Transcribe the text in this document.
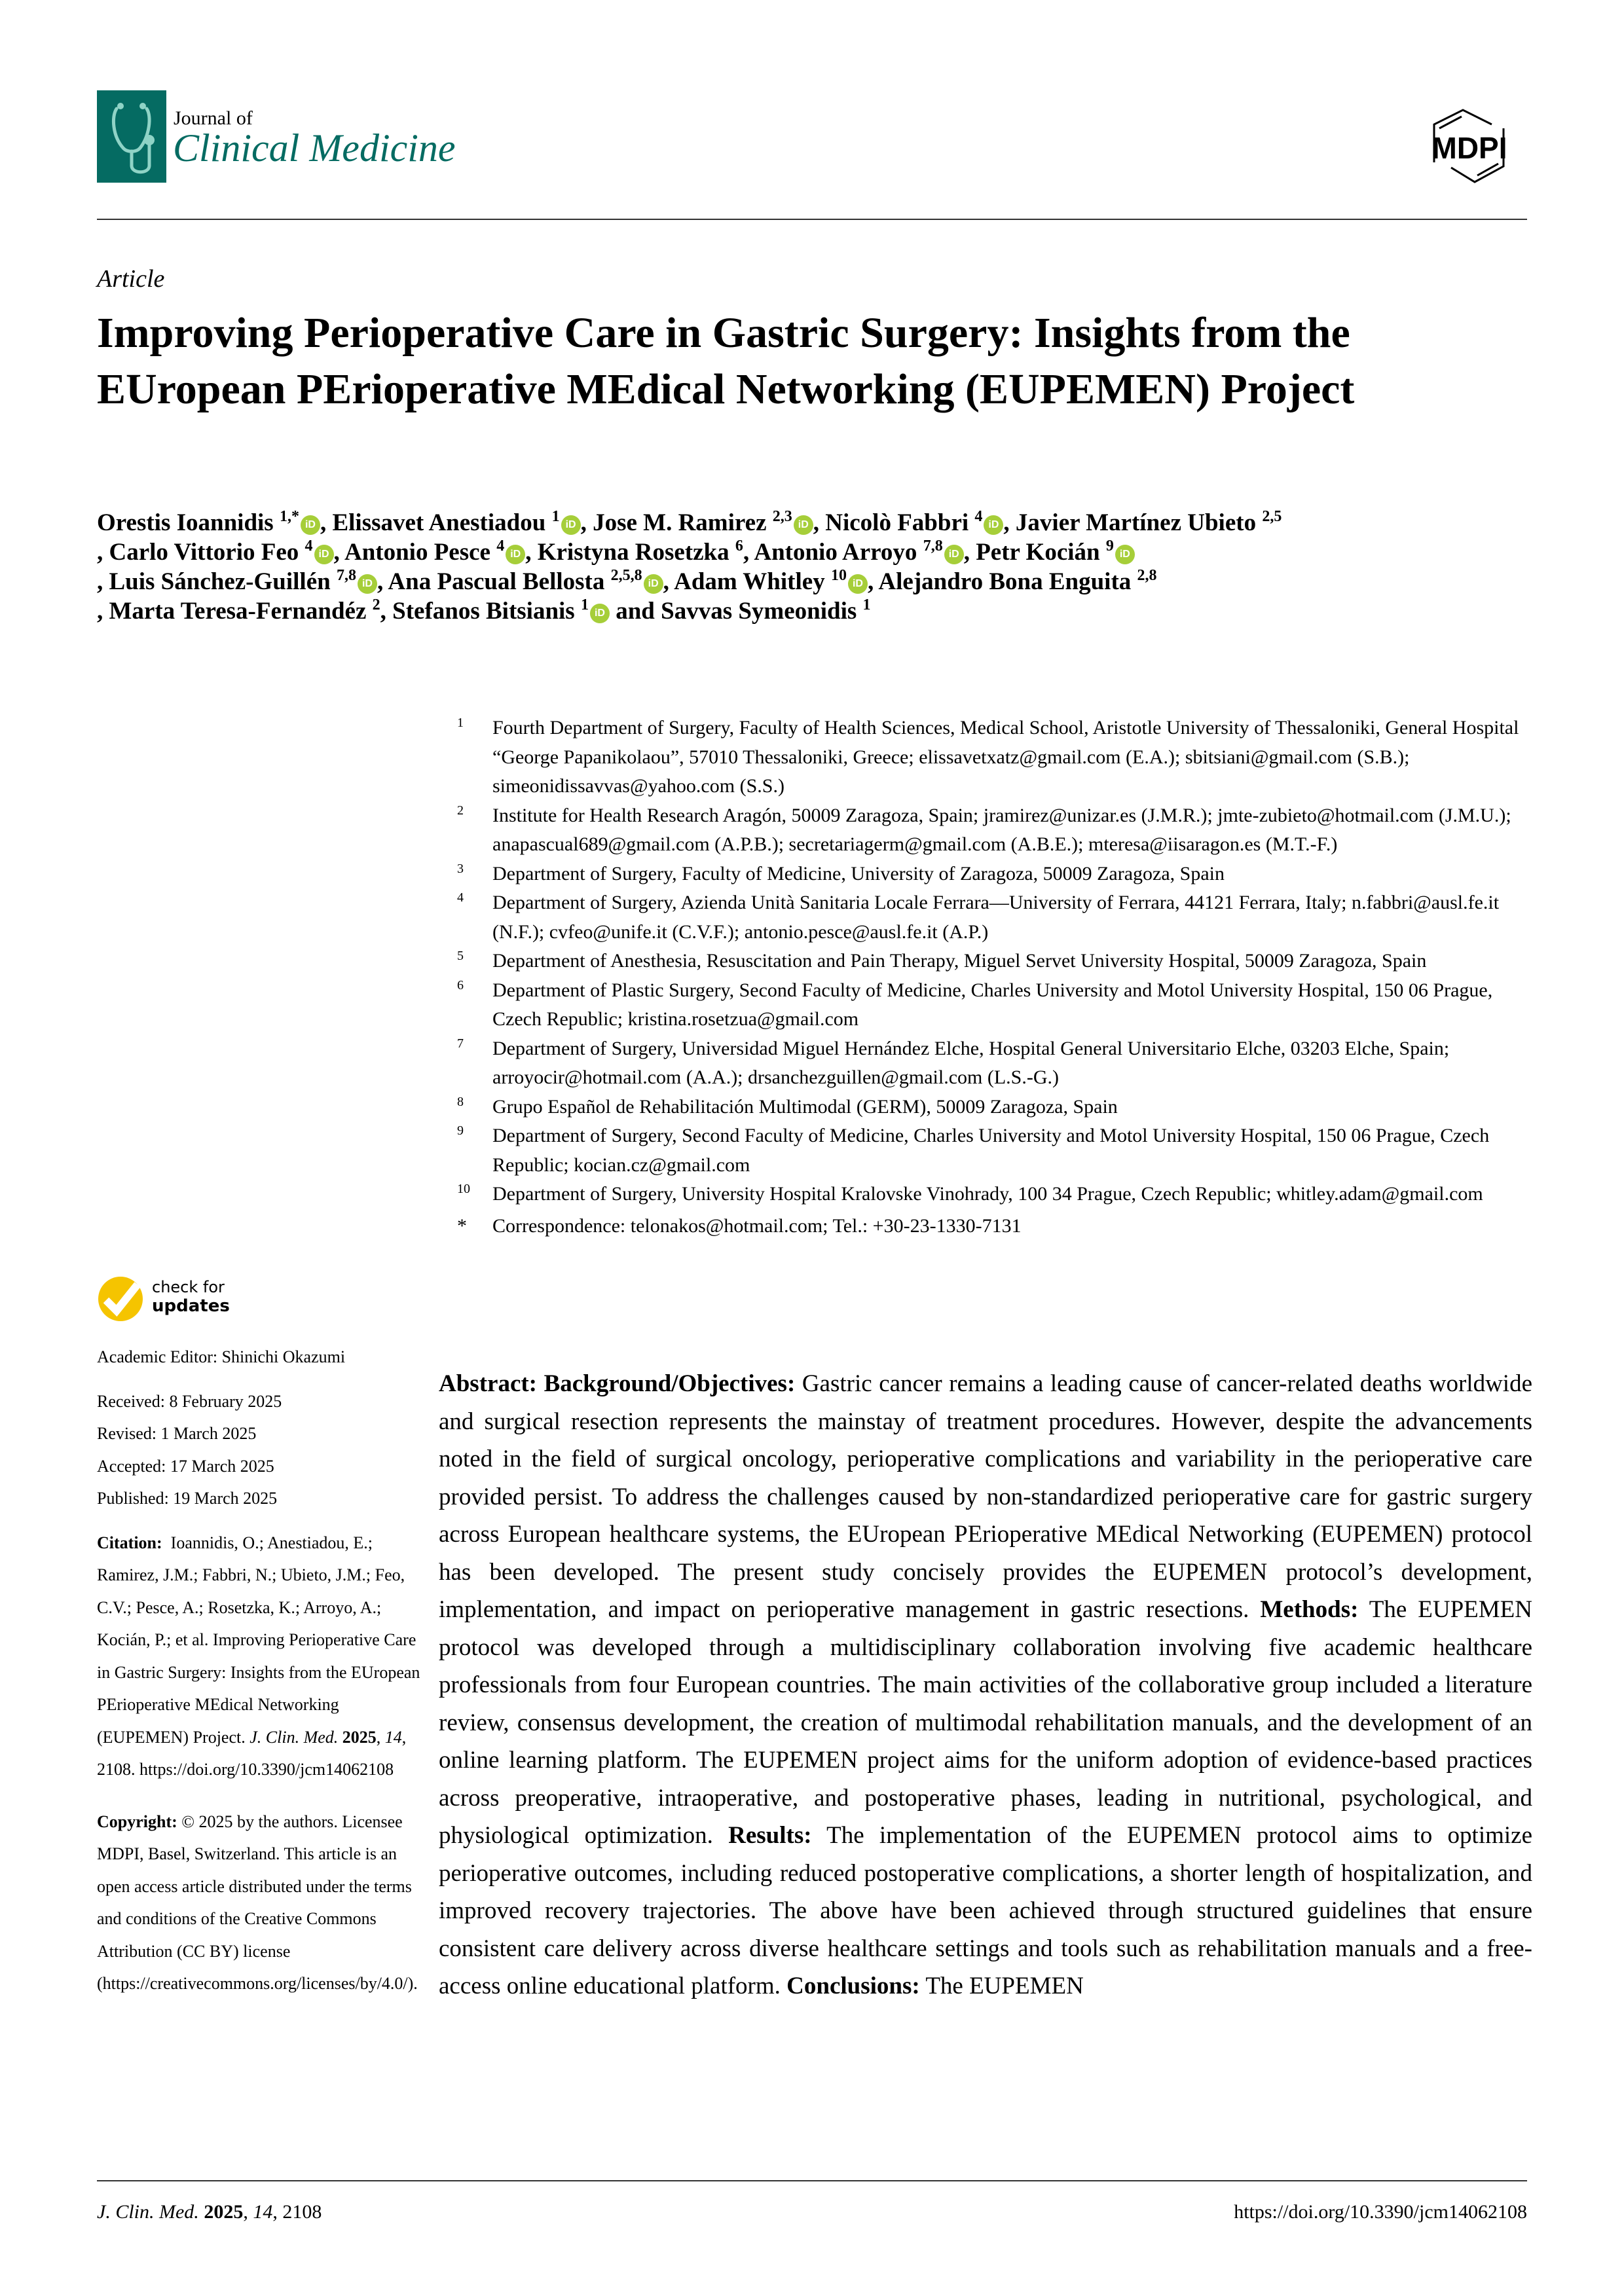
Journal of
Clinical Medicine	MDPI
Article
Improving Perioperative Care in Gastric Surgery: Insights from the EUropean PErioperative MEdical Networking (EUPEMEN) Project
Orestis Ioannidis $^{1,*}$ iD , Elissavet Anestiadou $^1$ iD , Jose M. Ramirez $^{2,3}$ iD , Nicolò Fabbri $^4$ iD , Javier Martínez Ubieto $^{2,5}$
, Carlo Vittorio Feo $^4$ iD , Antonio Pesce $^4$ iD , Kristyna Rosetzka $^6$, Antonio Arroyo $^{7,8}$ iD , Petr Kocián $^9$ iD
, Luis Sánchez-Guillén $^{7,8}$ iD , Ana Pascual Bellosta $^{2,5,8}$ iD , Adam Whitley $^{10}$ iD , Alejandro Bona Enguita $^{2,8}$
, Marta Teresa-Fernandéz $^2$, Stefanos Bitsianis $^1$ iD and Savvas Symeonidis $^1$
1 Fourth Department of Surgery, Faculty of Health Sciences, Medical School, Aristotle University of Thessaloniki, General Hospital “George Papanikolaou”, 57010 Thessaloniki, Greece; elissavetxatz@gmail.com (E.A.); sbitsiani@gmail.com (S.B.); simeonidissavvas@yahoo.com (S.S.)
2 Institute for Health Research Aragón, 50009 Zaragoza, Spain; jramirez@unizar.es (J.M.R.); jmte-zubieto@hotmail.com (J.M.U.); anapascual689@gmail.com (A.P.B.); secretariagerm@gmail.com (A.B.E.); mteresa@iisaragon.es (M.T.-F.)
3 Department of Surgery, Faculty of Medicine, University of Zaragoza, 50009 Zaragoza, Spain
4 Department of Surgery, Azienda Unità Sanitaria Locale Ferrara—University of Ferrara, 44121 Ferrara, Italy; n.fabbri@ausl.fe.it (N.F.); cvfeo@unife.it (C.V.F.); antonio.pesce@ausl.fe.it (A.P.)
5 Department of Anesthesia, Resuscitation and Pain Therapy, Miguel Servet University Hospital, 50009 Zaragoza, Spain
6 Department of Plastic Surgery, Second Faculty of Medicine, Charles University and Motol University Hospital, 150 06 Prague, Czech Republic; kristina.rosetzua@gmail.com
7 Department of Surgery, Universidad Miguel Hernández Elche, Hospital General Universitario Elche, 03203 Elche, Spain; arroyocir@hotmail.com (A.A.); drsanchezguillen@gmail.com (L.S.-G.)
8 Grupo Español de Rehabilitación Multimodal (GERM), 50009 Zaragoza, Spain
9 Department of Surgery, Second Faculty of Medicine, Charles University and Motol University Hospital, 150 06 Prague, Czech Republic; kocian.cz@gmail.com
10 Department of Surgery, University Hospital Kralovske Vinohrady, 100 34 Prague, Czech Republic; whitley.adam@gmail.com
* Correspondence: telonakos@hotmail.com; Tel.: +30-23-1330-7131
check for
updates

Academic Editor: Shinichi Okazumi

Received: 8 February 2025

Revised: 1 March 2025

Accepted: 17 March 2025

Published: 19 March 2025

Citation: Ioannidis, O.; Anestiadou, E.; Ramirez, J.M.; Fabbri, N.; Ubieto, J.M.; Feo, C.V.; Pesce, A.; Rosetzka, K.; Arroyo, A.; Kocián, P.; et al. Improving Perioperative Care in Gastric Surgery: Insights from the EUropean PErioperative MEdical Networking (EUPEMEN) Project. J. Clin. Med. 2025, 14, 2108. https://doi.org/10.3390/jcm14062108

Copyright: © 2025 by the authors. Licensee MDPI, Basel, Switzerland. This article is an open access article distributed under the terms and conditions of the Creative Commons Attribution (CC BY) license (https://creativecommons.org/licenses/by/4.0/).

Abstract: Background/Objectives: Gastric cancer remains a leading cause of cancer-related deaths worldwide and surgical resection represents the mainstay of treatment procedures. However, despite the advancements noted in the field of surgical oncology, perioperative complications and variability in the perioperative care provided persist. To address the challenges caused by non-standardized perioperative care for gastric surgery across European healthcare systems, the EUropean PErioperative MEdical Networking (EUPEMEN) protocol has been developed. The present study concisely provides the EUPEMEN protocol’s development, implementation, and impact on perioperative management in gastric resections. Methods: The EUPEMEN protocol was developed through a multidisciplinary collaboration involving five academic healthcare professionals from four European countries. The main activities of the collaborative group included a literature review, consensus development, the creation of multimodal rehabilitation manuals, and the development of an online learning platform. The EUPEMEN project aims for the uniform adoption of evidence-based practices across preoperative, intraoperative, and postoperative phases, leading in nutritional, psychological, and physiological optimization. Results: The implementation of the EUPEMEN protocol aims to optimize perioperative outcomes, including reduced postoperative complications, a shorter length of hospitalization, and improved recovery trajectories. The above have been achieved through structured guidelines that ensure consistent care delivery across diverse healthcare settings and tools such as rehabilitation manuals and a free-access online educational platform. Conclusions: The EUPEMEN
J. Clin. Med. 2025, 14, 2108	https://doi.org/10.3390/jcm14062108
